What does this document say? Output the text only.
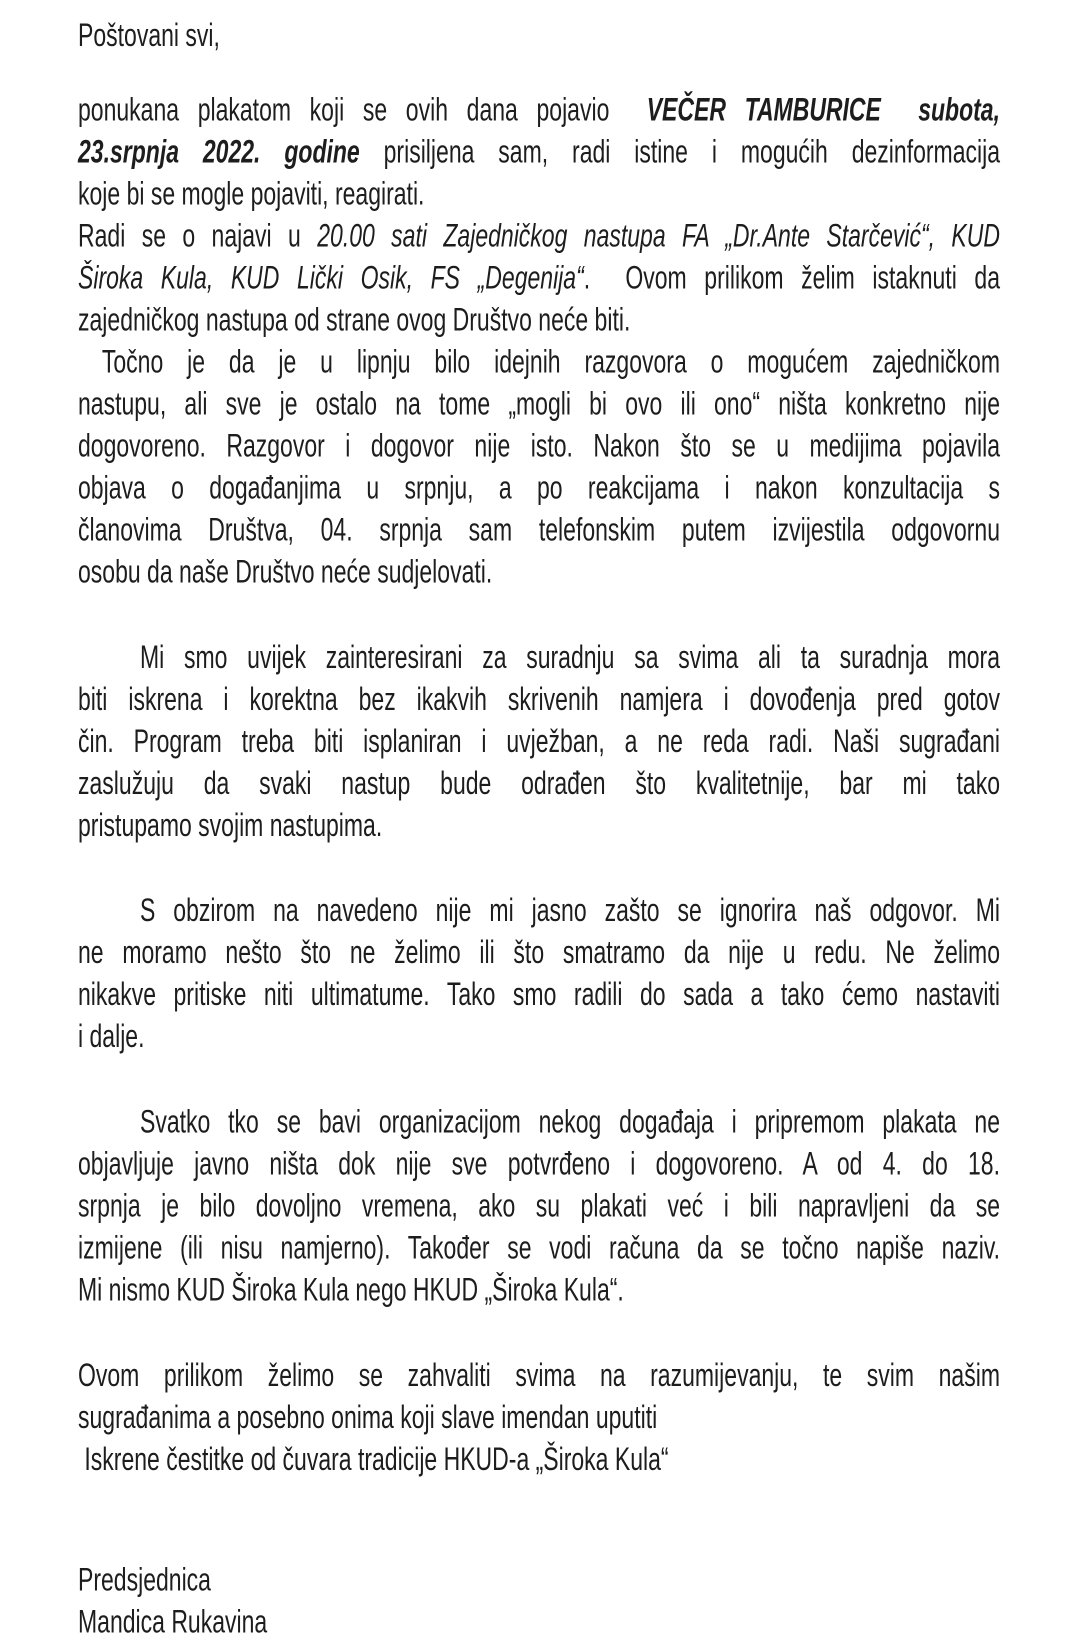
Poštovani svi,
ponukana plakatom koji se ovih dana pojavio  VEČER TAMBURICE  subota,
23.srpnja 2022. godine prisiljena sam, radi istine i mogućih dezinformacija
koje bi se mogle pojaviti, reagirati.
Radi se o najavi u 20.00 sati Zajedničkog nastupa FA „Dr.Ante Starčević“, KUD
Široka Kula, KUD Lički Osik, FS „Degenija“.  Ovom prilikom želim istaknuti da
zajedničkog nastupa od strane ovog Društvo neće biti.
Točno je da je u lipnju bilo idejnih razgovora o mogućem zajedničkom
nastupu, ali sve je ostalo na tome „mogli bi ovo ili ono“ ništa konkretno nije
dogovoreno. Razgovor i dogovor nije isto. Nakon što se u medijima pojavila
objava o događanjima u srpnju, a po reakcijama i nakon konzultacija s
članovima Društva, 04. srpnja sam telefonskim putem izvijestila odgovornu
osobu da naše Društvo neće sudjelovati.
Mi smo uvijek zainteresirani za suradnju sa svima ali ta suradnja mora
biti iskrena i korektna bez ikakvih skrivenih namjera i dovođenja pred gotov
čin. Program treba biti isplaniran i uvježban, a ne reda radi. Naši sugrađani
zaslužuju da svaki nastup bude odrađen što kvalitetnije, bar mi tako
pristupamo svojim nastupima.
S obzirom na navedeno nije mi jasno zašto se ignorira naš odgovor. Mi
ne moramo nešto što ne želimo ili što smatramo da nije u redu. Ne želimo
nikakve pritiske niti ultimatume. Tako smo radili do sada a tako ćemo nastaviti
i dalje.
Svatko tko se bavi organizacijom nekog događaja i pripremom plakata ne
objavljuje javno ništa dok nije sve potvrđeno i dogovoreno. A od 4. do 18.
srpnja je bilo dovoljno vremena, ako su plakati već i bili napravljeni da se
izmijene (ili nisu namjerno). Također se vodi računa da se točno napiše naziv.
Mi nismo KUD Široka Kula nego HKUD „Široka Kula“.
Ovom prilikom želimo se zahvaliti svima na razumijevanju, te svim našim
sugrađanima a posebno onima koji slave imendan uputiti
Iskrene čestitke od čuvara tradicije HKUD-a „Široka Kula“
Predsjednica
Mandica Rukavina
